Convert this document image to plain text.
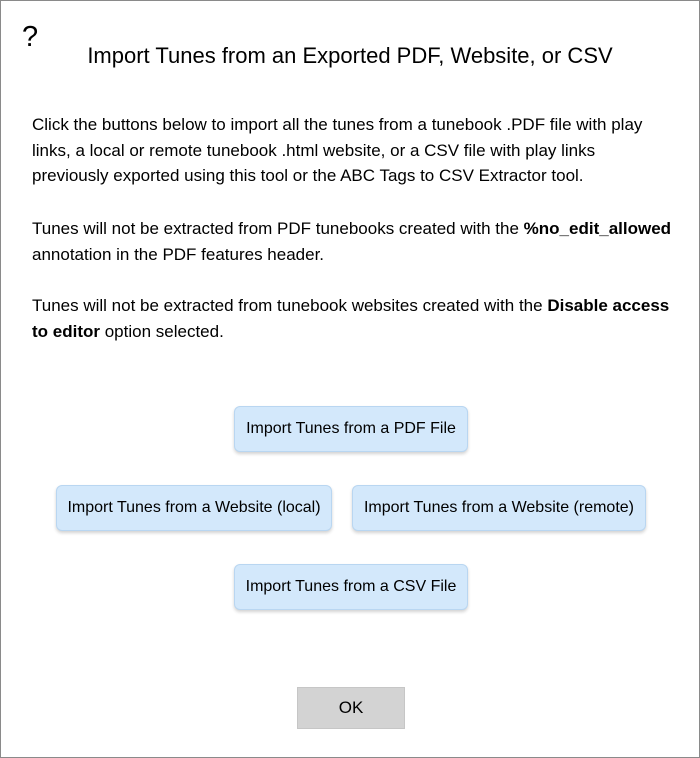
?
Import Tunes from an Exported PDF, Website, or CSV

Click the buttons below to import all the tunes from a tunebook .PDF file with play links, a local or remote tunebook .html website, or a CSV file with play links previously exported using this tool or the ABC Tags to CSV Extractor tool.

Tunes will not be extracted from PDF tunebooks created with the %no_edit_allowed annotation in the PDF features header.

Tunes will not be extracted from tunebook websites created with the Disable access to editor option selected.

Import Tunes from a PDF File
Import Tunes from a Website (local)	Import Tunes from a Website (remote)
Import Tunes from a CSV File
OK
